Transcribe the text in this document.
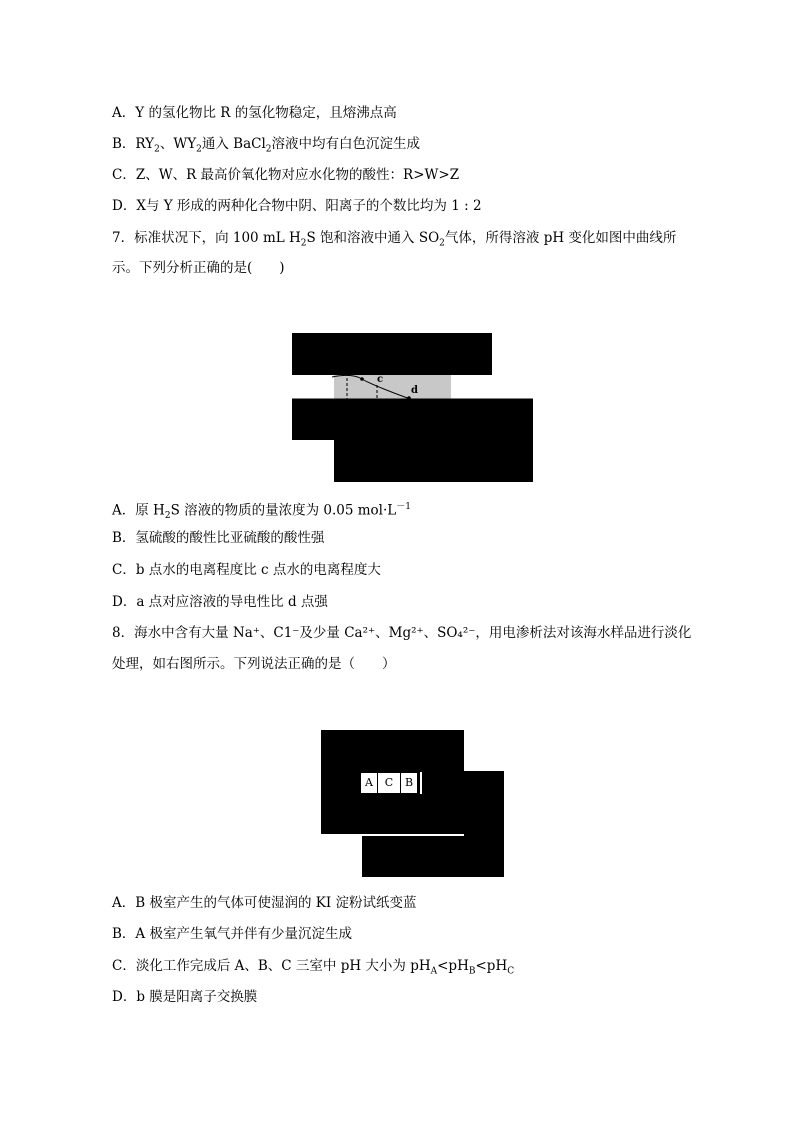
A．Y 的氢化物比 R 的氢化物稳定，且熔沸点高
B．$RY_2$、$WY_2$通入 BaCl$_2$溶液中均有白色沉淀生成
C．Z、W、R 最高价氧化物对应水化物的酸性：R>W>Z
D．X与 Y 形成的两种化合物中阴、阳离子的个数比均为 1 : 2
7．标准状况下，向 100 mL $H_2S$ 饱和溶液中通入 $SO_2$气体，所得溶液 pH 变化如图中曲线所
示。下列分析正确的是(　　)
c
d
A．原 $H_2S$ 溶液的物质的量浓度为 0.05 $mol\cdot L^{-1}$
B．氢硫酸的酸性比亚硫酸的酸性强
C．b 点水的电离程度比 c 点水的电离程度大
D．a 点对应溶液的导电性比 d 点强
8．海水中含有大量 Na⁺、C1⁻及少量 Ca²⁺、Mg²⁺、SO₄²⁻，用电渗析法对该海水样品进行淡化
处理，如右图所示。下列说法正确的是（　　）
A	C	B
A．B 极室产生的气体可使湿润的 KI 淀粉试纸变蓝
B．A 极室产生氧气并伴有少量沉淀生成
C．淡化工作完成后 A、B、C 三室中 pH 大小为 $pH_A<pH_B<pH_C$
D．b 膜是阳离子交换膜
